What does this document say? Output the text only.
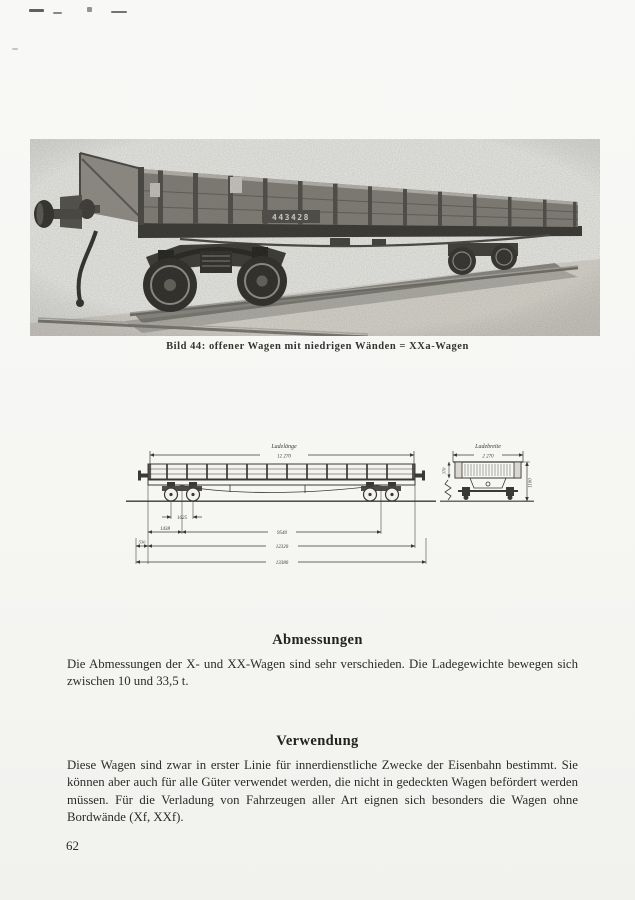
Bild 44: offener Wagen mit niedrigen Wänden = XXa-Wagen
Ladelänge
12 270
1625
1438
9540
530
12320
13380
Ladebreite
2 270
370
1100
Abmessungen

Die Abmessungen der X- und XX-Wagen sind sehr verschieden. Die Ladegewichte bewegen sich zwischen 10 und 33,5 t.

Verwendung

Diese Wagen sind zwar in erster Linie für innerdienstliche Zwecke der Eisenbahn bestimmt. Sie können aber auch für alle Güter verwendet werden, die nicht in gedeckten Wagen befördert werden müssen. Für die Verladung von Fahrzeugen aller Art eignen sich besonders die Wagen ohne Bordwände (Xf, XXf).

62
